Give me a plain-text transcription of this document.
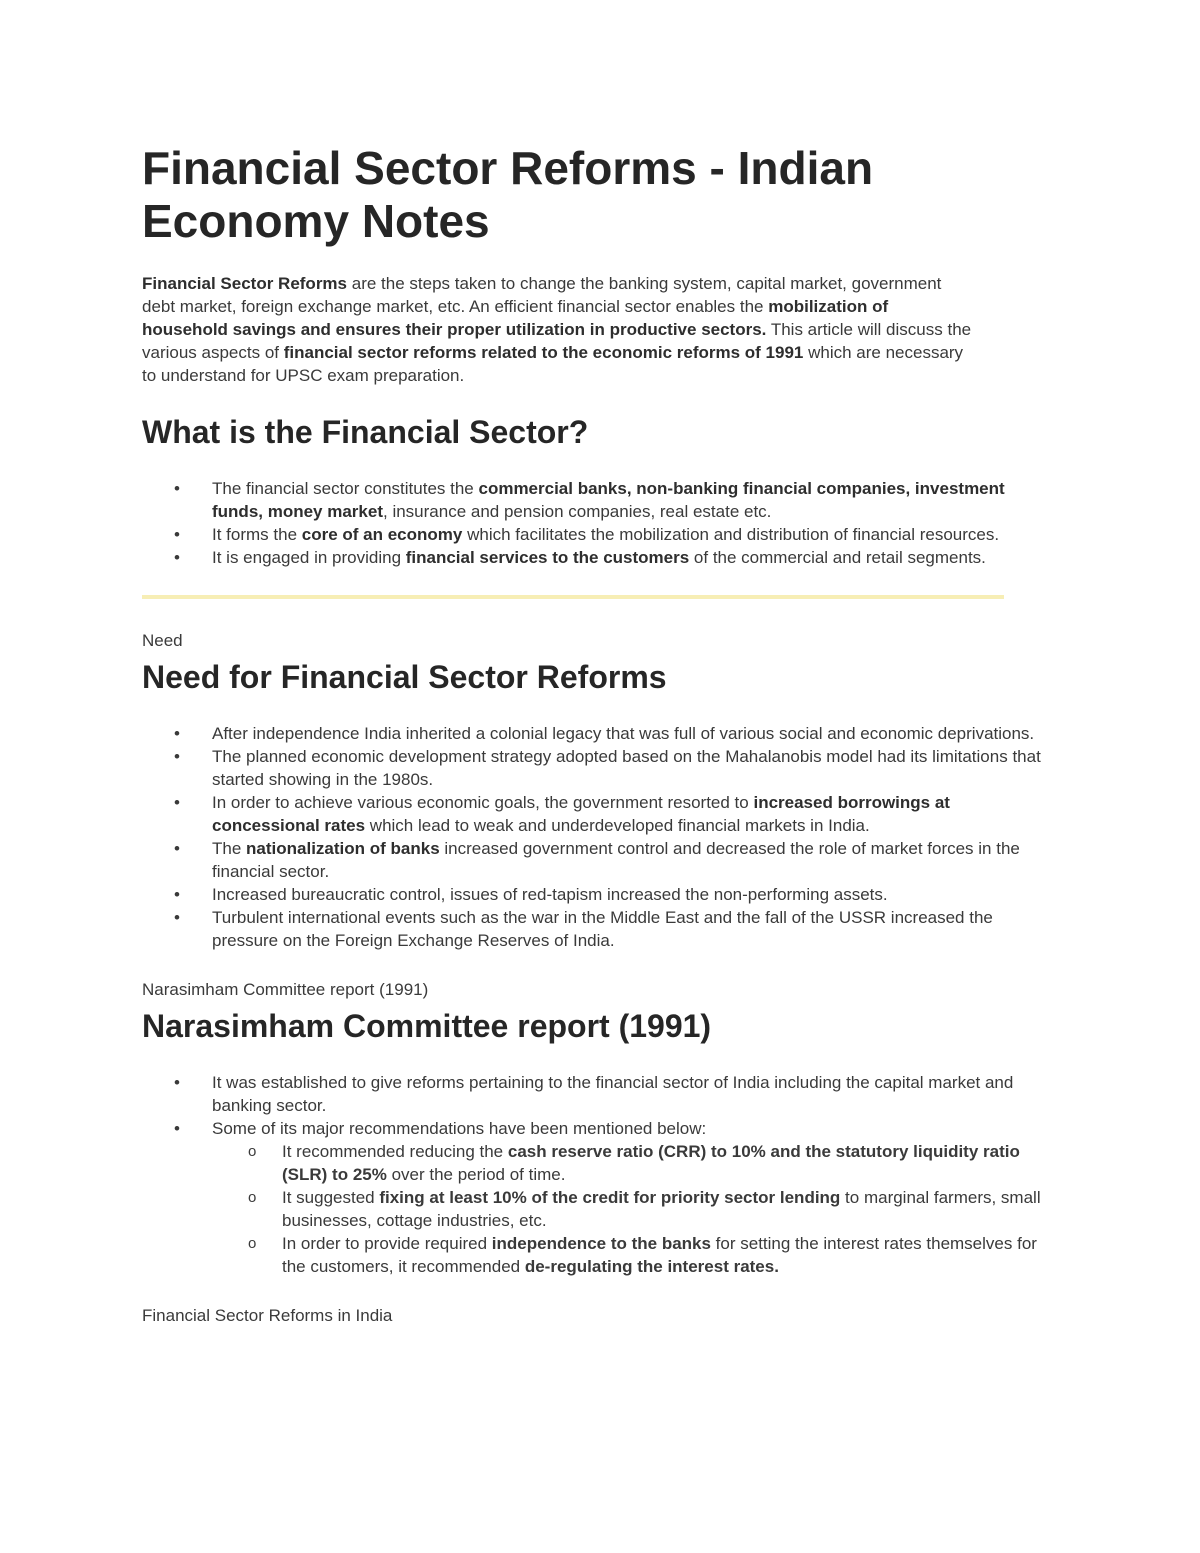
Financial Sector Reforms - Indian Economy Notes

Financial Sector Reforms are the steps taken to change the banking system, capital market, government debt market, foreign exchange market, etc. An efficient financial sector enables the mobilization of household savings and ensures their proper utilization in productive sectors. This article will discuss the various aspects of financial sector reforms related to the economic reforms of 1991 which are necessary to understand for UPSC exam preparation.

What is the Financial Sector?
• The financial sector constitutes the commercial banks, non-banking financial companies, investment funds, money market, insurance and pension companies, real estate etc.
• It forms the core of an economy which facilitates the mobilization and distribution of financial resources.
• It is engaged in providing financial services to the customers of the commercial and retail segments.

Need

Need for Financial Sector Reforms
• After independence India inherited a colonial legacy that was full of various social and economic deprivations.
• The planned economic development strategy adopted based on the Mahalanobis model had its limitations that started showing in the 1980s.
• In order to achieve various economic goals, the government resorted to increased borrowings at concessional rates which lead to weak and underdeveloped financial markets in India.
• The nationalization of banks increased government control and decreased the role of market forces in the financial sector.
• Increased bureaucratic control, issues of red-tapism increased the non-performing assets.
• Turbulent international events such as the war in the Middle East and the fall of the USSR increased the pressure on the Foreign Exchange Reserves of India.

Narasimham Committee report (1991)

Narasimham Committee report (1991)
• It was established to give reforms pertaining to the financial sector of India including the capital market and banking sector.
• Some of its major recommendations have been mentioned below:
o It recommended reducing the cash reserve ratio (CRR) to 10% and the statutory liquidity ratio (SLR) to 25% over the period of time.
o It suggested fixing at least 10% of the credit for priority sector lending to marginal farmers, small businesses, cottage industries, etc.
o In order to provide required independence to the banks for setting the interest rates themselves for the customers, it recommended de-regulating the interest rates.

Financial Sector Reforms in India
